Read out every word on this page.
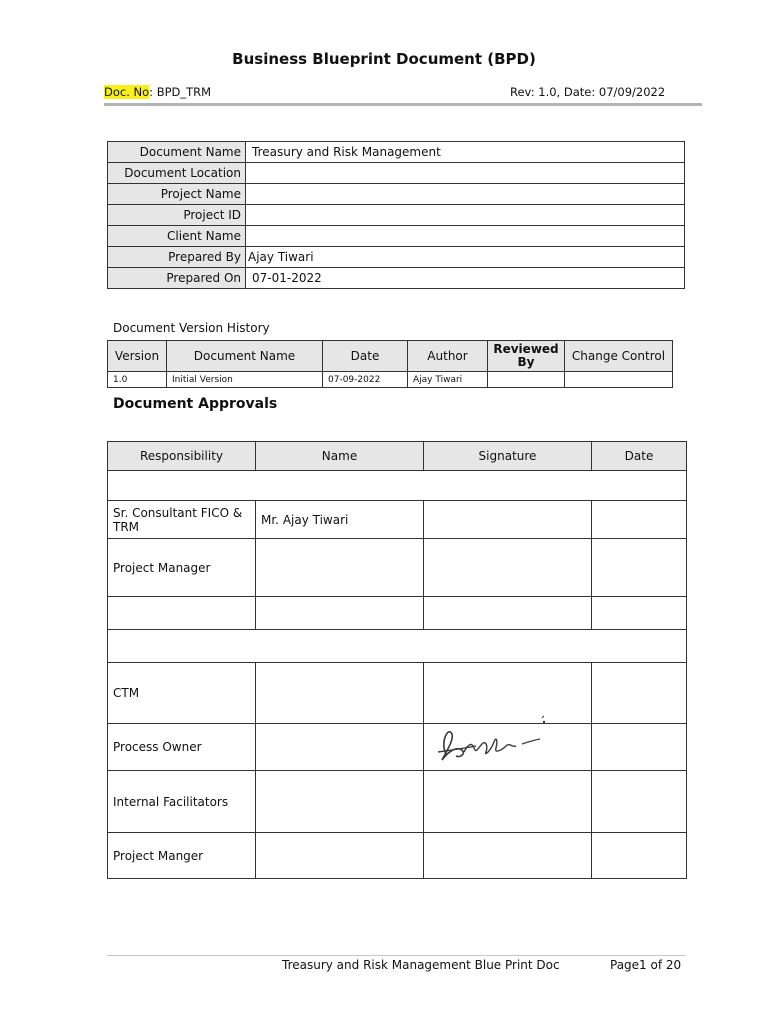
Business Blueprint Document (BPD)
Doc. No: BPD_TRM	Rev: 1.0, Date: 07/09/2022
Document Name	Treasury and Risk Management
Document Location	
Project Name	
Project ID	
Client Name	
Prepared By	Ajay Tiwari
Prepared On	07-01-2022
Document Version History
Version	Document Name	Date	Author	Reviewed By	Change Control
1.0	Initial Version	07-09-2022	Ajay Tiwari		
Document Approvals
Responsibility	Name	Signature	Date

Sr. Consultant FICO & TRM	Mr. Ajay Tiwari		
Project Manager			

CTM			
Process Owner		

Internal Facilitators			
Project Manger			
Treasury and Risk Management Blue Print Doc	Page1 of 20
